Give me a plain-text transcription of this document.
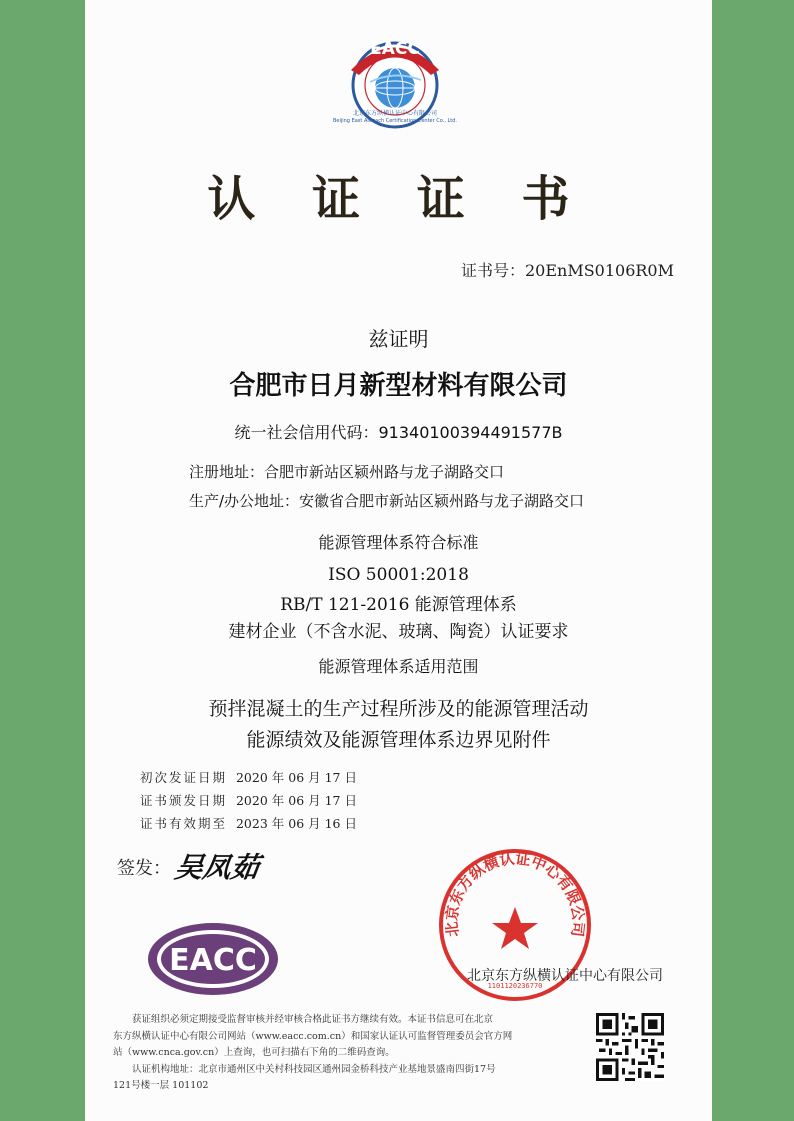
EACC
Beijing East Allreach Certification Center Co., Ltd.
北京东方纵横认证中心有限公司
认 证 证 书
证书号：20EnMS0106R0M
兹证明
合肥市日月新型材料有限公司
统一社会信用代码：91340100394491577B
注册地址：合肥市新站区颍州路与龙子湖路交口
生产/办公地址：安徽省合肥市新站区颍州路与龙子湖路交口
能源管理体系符合标准
ISO 50001:2018
RB/T 121-2016 能源管理体系
建材企业（不含水泥、玻璃、陶瓷）认证要求
能源管理体系适用范围
预拌混凝土的生产过程所涉及的能源管理活动
能源绩效及能源管理体系边界见附件
初次发证日期 2020 年 06 月 17 日
证书颁发日期 2020 年 06 月 17 日
证书有效期至 2023 年 06 月 16 日
签发： 吴凤茹
EACC
北京东方纵横认证中心有限公司
1101120236770
北京东方纵横认证中心有限公司
获证组织必须定期接受监督审核并经审核合格此证书方继续有效。本证书信息可在北京
东方纵横认证中心有限公司网站（www.eacc.com.cn）和国家认证认可监督管理委员会官方网
站（www.cnca.gov.cn）上查询，也可扫描右下角的二维码查询。
认证机构地址：北京市通州区中关村科技园区通州园金桥科技产业基地景盛南四街17号
121号楼一层 101102
